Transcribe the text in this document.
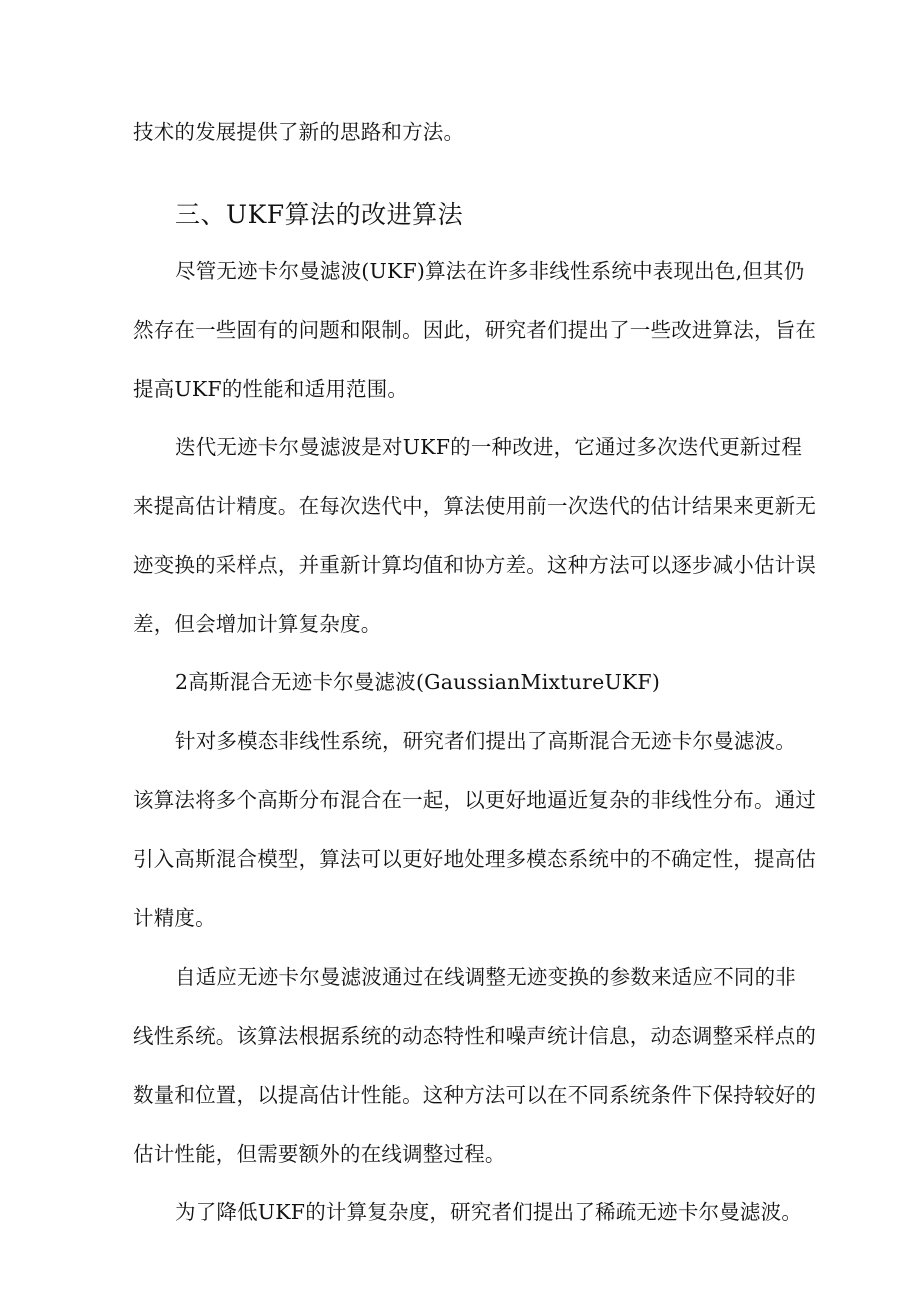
技术的发展提供了新的思路和方法。
三、UKF算法的改进算法
尽管无迹卡尔曼滤波(UKF)算法在许多非线性系统中表现出色,但其仍
然存在一些固有的问题和限制。因此，研究者们提出了一些改进算法，旨在
提高UKF的性能和适用范围。
迭代无迹卡尔曼滤波是对UKF的一种改进，它通过多次迭代更新过程
来提高估计精度。在每次迭代中，算法使用前一次迭代的估计结果来更新无
迹变换的采样点，并重新计算均值和协方差。这种方法可以逐步减小估计误
差，但会增加计算复杂度。
2高斯混合无迹卡尔曼滤波(GaussianMixtureUKF)
针对多模态非线性系统，研究者们提出了高斯混合无迹卡尔曼滤波。
该算法将多个高斯分布混合在一起，以更好地逼近复杂的非线性分布。通过
引入高斯混合模型，算法可以更好地处理多模态系统中的不确定性，提高估
计精度。
自适应无迹卡尔曼滤波通过在线调整无迹变换的参数来适应不同的非
线性系统。该算法根据系统的动态特性和噪声统计信息，动态调整采样点的
数量和位置，以提高估计性能。这种方法可以在不同系统条件下保持较好的
估计性能，但需要额外的在线调整过程。
为了降低UKF的计算复杂度，研究者们提出了稀疏无迹卡尔曼滤波。
